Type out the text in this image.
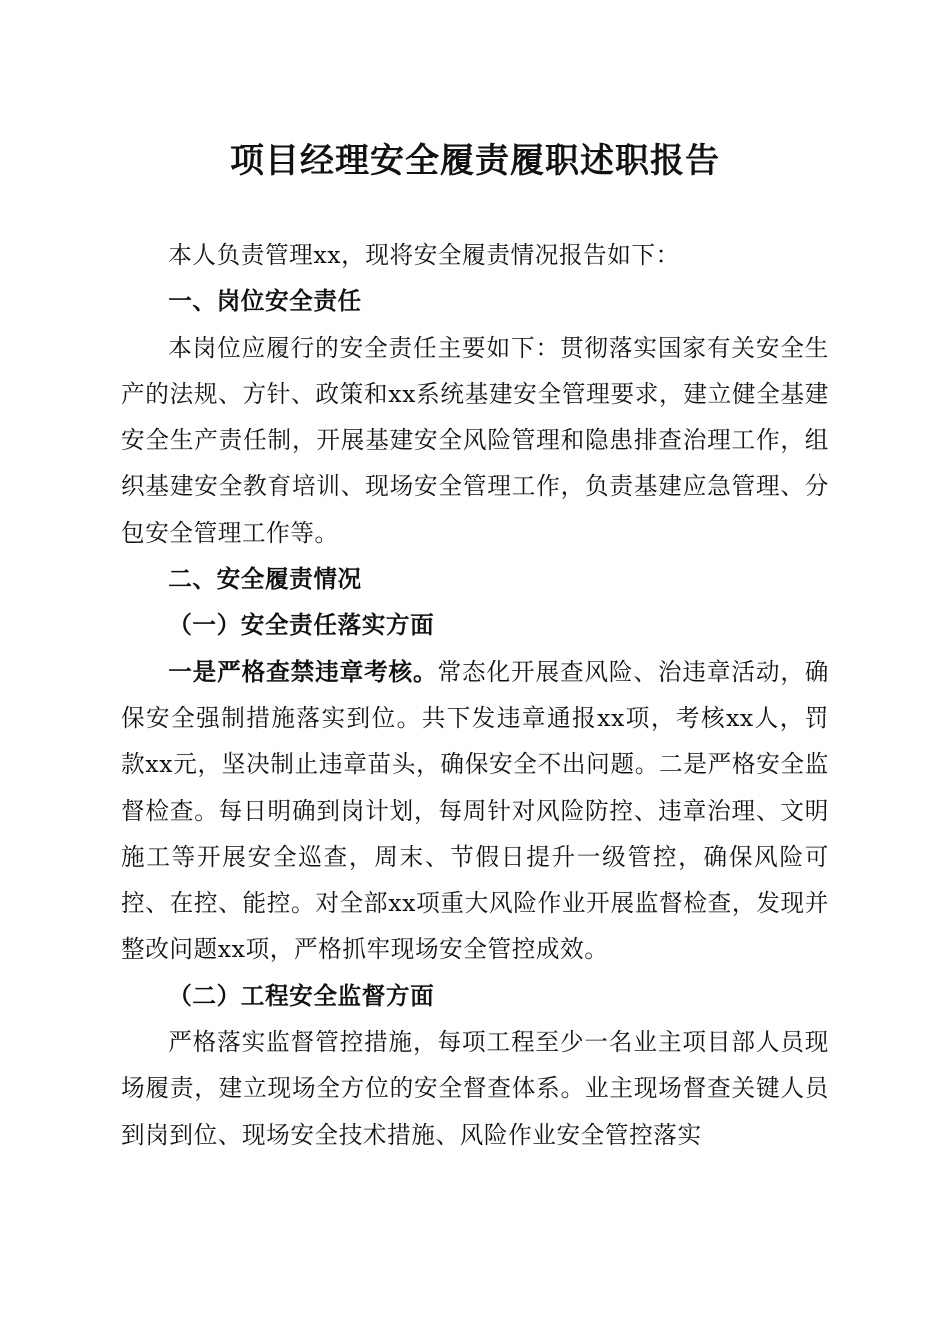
项目经理安全履责履职述职报告

本人负责管理xx，现将安全履责情况报告如下：

一、岗位安全责任

本岗位应履行的安全责任主要如下：贯彻落实国家有关安全生产的法规、方针、政策和xx系统基建安全管理要求，建立健全基建安全生产责任制，开展基建安全风险管理和隐患排查治理工作，组织基建安全教育培训、现场安全管理工作，负责基建应急管理、分包安全管理工作等。

二、安全履责情况

（一）安全责任落实方面

一是严格查禁违章考核。常态化开展查风险、治违章活动，确保安全强制措施落实到位。共下发违章通报xx项，考核xx人，罚款xx元，坚决制止违章苗头，确保安全不出问题。二是严格安全监督检查。每日明确到岗计划，每周针对风险防控、违章治理、文明施工等开展安全巡查，周末、节假日提升一级管控，确保风险可控、在控、能控。对全部xx项重大风险作业开展监督检查，发现并整改问题xx项，严格抓牢现场安全管控成效。

（二）工程安全监督方面

严格落实监督管控措施，每项工程至少一名业主项目部人员现场履责，建立现场全方位的安全督查体系。业主现场督查关键人员到岗到位、现场安全技术措施、风险作业安全管控落实
